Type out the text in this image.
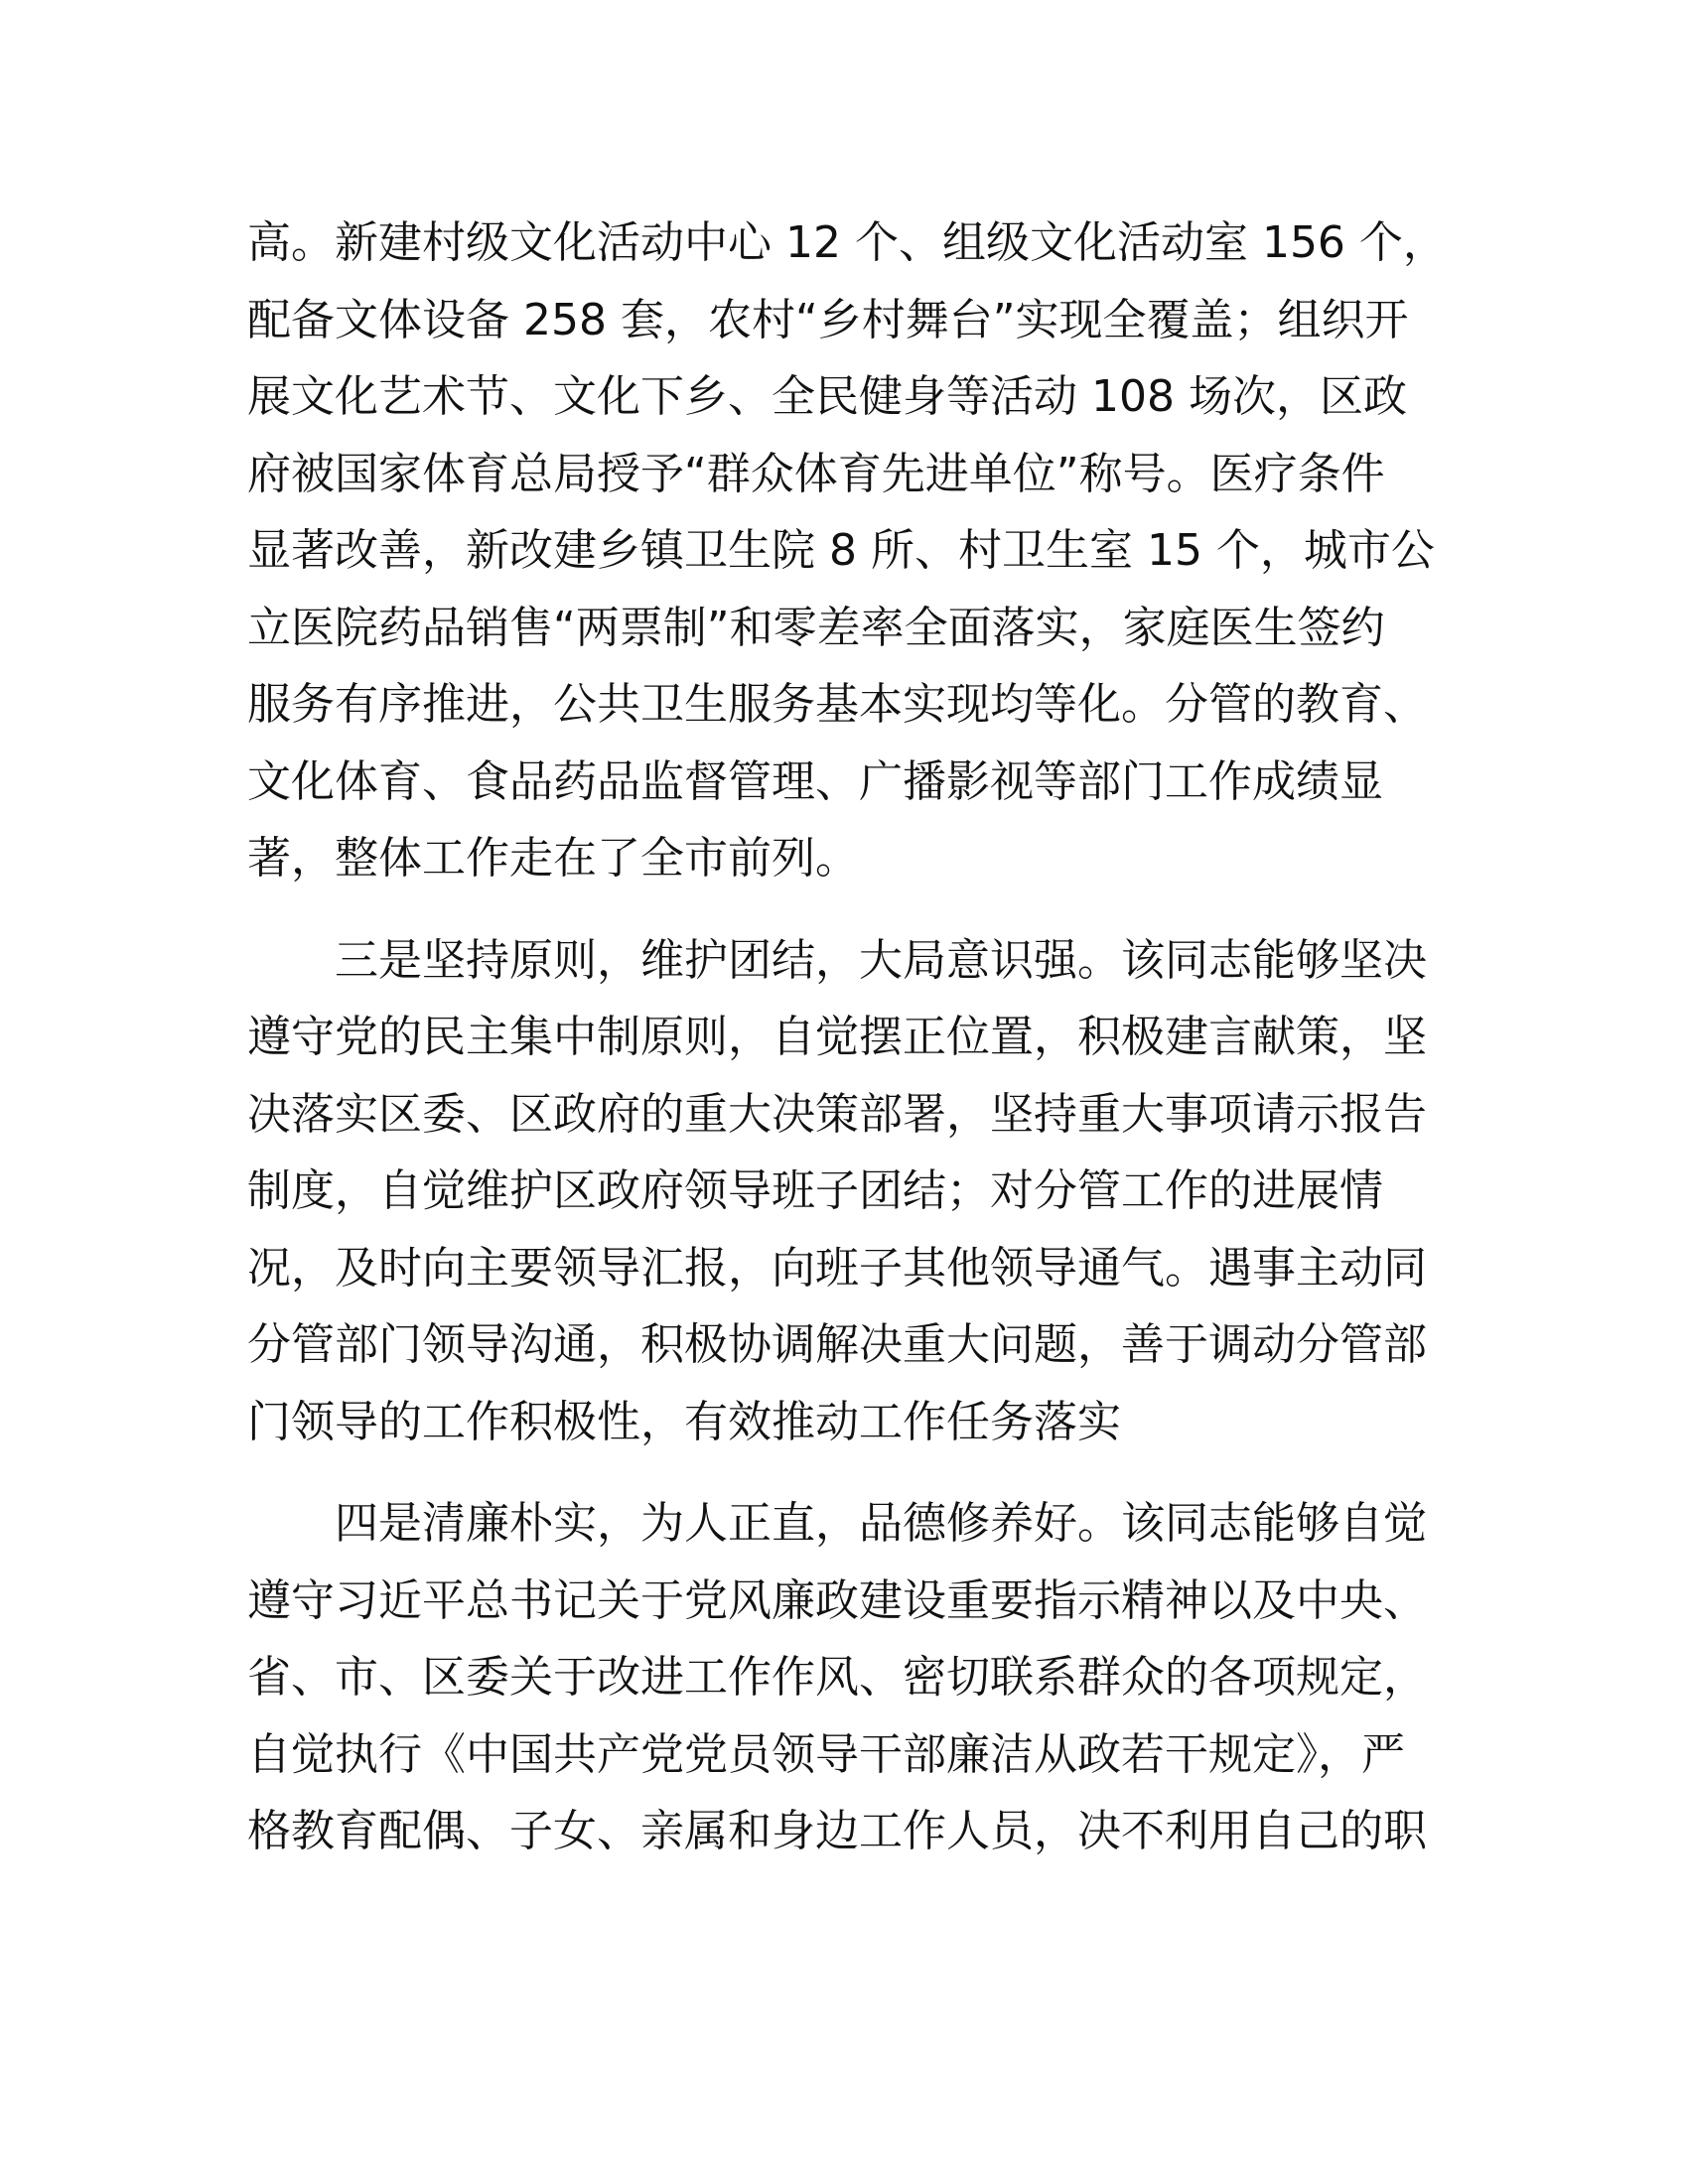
高。新建村级文化活动中心 12 个、组级文化活动室 156 个，
配备文体设备 258 套，农村“乡村舞台”实现全覆盖；组织开
展文化艺术节、文化下乡、全民健身等活动 108 场次，区政
府被国家体育总局授予“群众体育先进单位”称号。医疗条件
显著改善，新改建乡镇卫生院 8 所、村卫生室 15 个，城市公
立医院药品销售“两票制”和零差率全面落实，家庭医生签约
服务有序推进，公共卫生服务基本实现均等化。分管的教育、
文化体育、食品药品监督管理、广播影视等部门工作成绩显
著，整体工作走在了全市前列。
三是坚持原则，维护团结，大局意识强。该同志能够坚决
遵守党的民主集中制原则，自觉摆正位置，积极建言献策，坚
决落实区委、区政府的重大决策部署，坚持重大事项请示报告
制度，自觉维护区政府领导班子团结；对分管工作的进展情
况，及时向主要领导汇报，向班子其他领导通气。遇事主动同
分管部门领导沟通，积极协调解决重大问题，善于调动分管部
门领导的工作积极性，有效推动工作任务落实
四是清廉朴实，为人正直，品德修养好。该同志能够自觉
遵守习近平总书记关于党风廉政建设重要指示精神以及中央、
省、市、区委关于改进工作作风、密切联系群众的各项规定，
自觉执行《中国共产党党员领导干部廉洁从政若干规定》，严
格教育配偶、子女、亲属和身边工作人员，决不利用自己的职
